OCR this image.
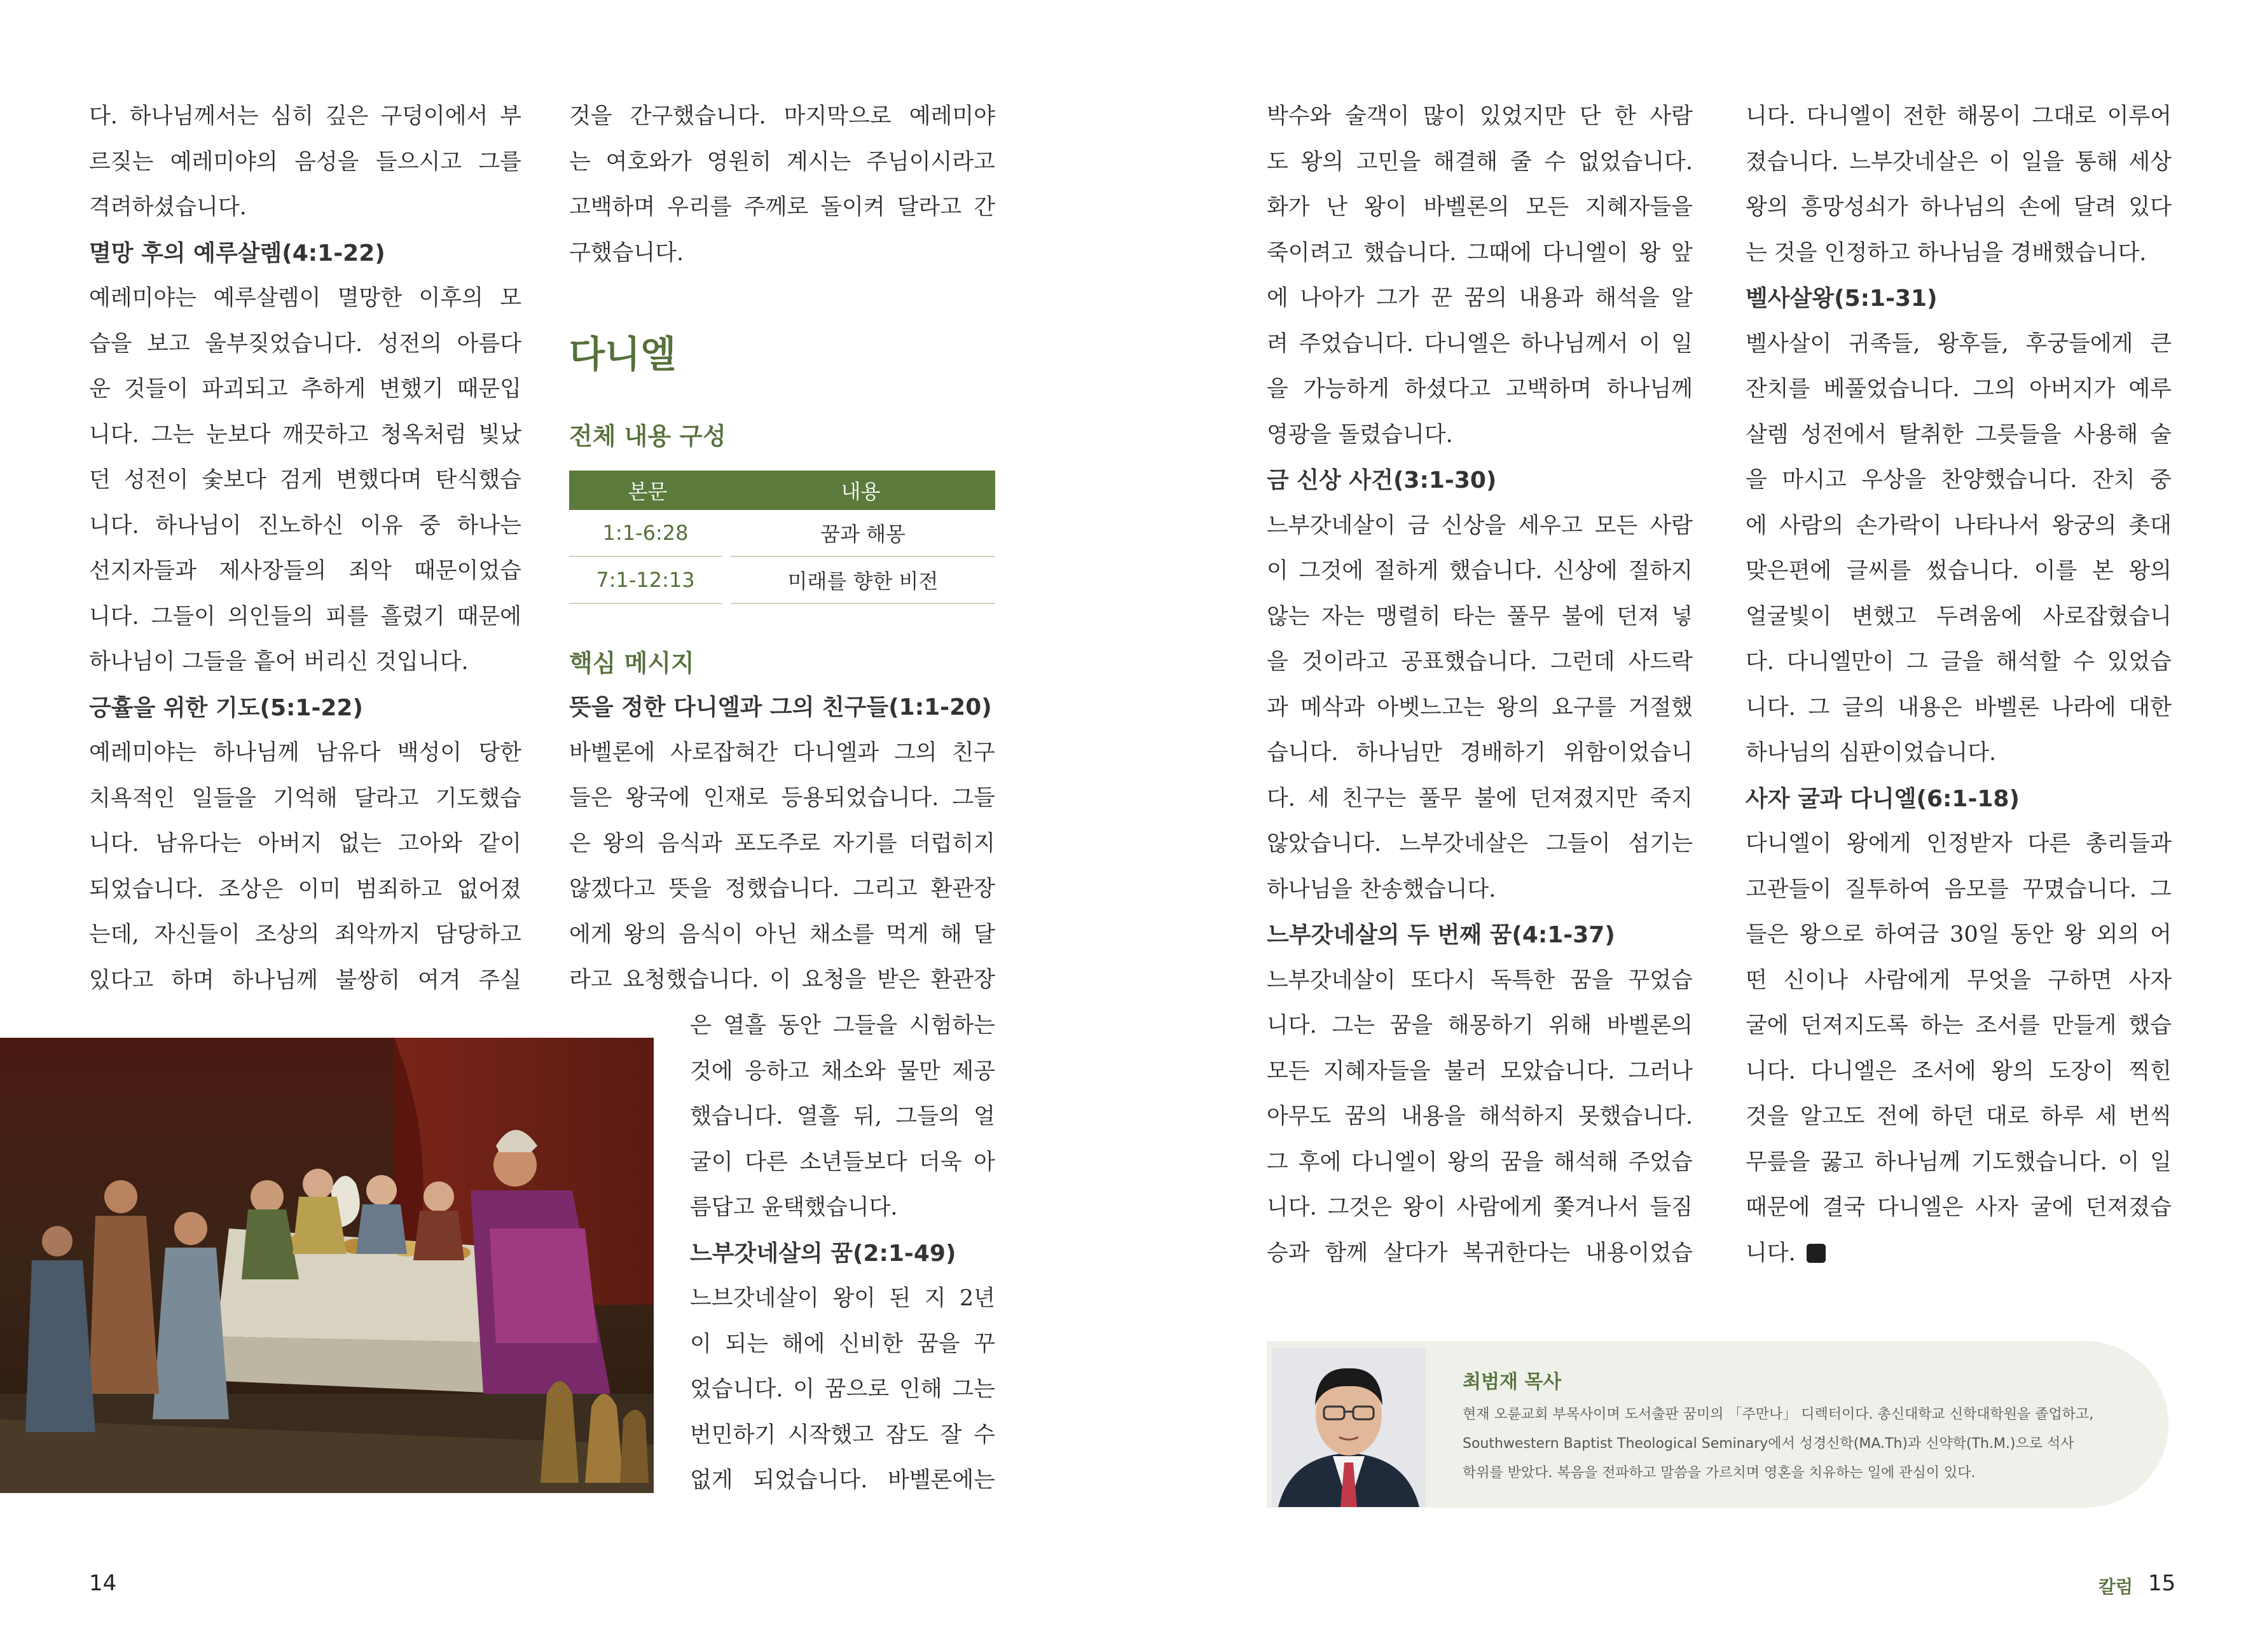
다. 하나님께서는 심히 깊은 구덩이에서 부

르짖는 예레미야의 음성을 들으시고 그를

격려하셨습니다.

멸망 후의 예루살렘(4:1-22)

예레미야는 예루살렘이 멸망한 이후의 모

습을 보고 울부짖었습니다. 성전의 아름다

운 것들이 파괴되고 추하게 변했기 때문입

니다. 그는 눈보다 깨끗하고 청옥처럼 빛났

던 성전이 숯보다 검게 변했다며 탄식했습

니다. 하나님이 진노하신 이유 중 하나는

선지자들과 제사장들의 죄악 때문이었습

니다. 그들이 의인들의 피를 흘렸기 때문에

하나님이 그들을 흩어 버리신 것입니다.

긍휼을 위한 기도(5:1-22)

예레미야는 하나님께 남유다 백성이 당한

치욕적인 일들을 기억해 달라고 기도했습

니다. 남유다는 아버지 없는 고아와 같이

되었습니다. 조상은 이미 범죄하고 없어졌

는데, 자신들이 조상의 죄악까지 담당하고

있다고 하며 하나님께 불쌍히 여겨 주실

것을 간구했습니다. 마지막으로 예레미야

는 여호와가 영원히 계시는 주님이시라고

고백하며 우리를 주께로 돌이켜 달라고 간

구했습니다.

다니엘
전체 내용 구성
본문	내용
1:1-6:28	꿈과 해몽
7:1-12:13	미래를 향한 비전
핵심 메시지
뜻을 정한 다니엘과 그의 친구들(1:1-20)

바벨론에 사로잡혀간 다니엘과 그의 친구

들은 왕국에 인재로 등용되었습니다. 그들

은 왕의 음식과 포도주로 자기를 더럽히지

않겠다고 뜻을 정했습니다. 그리고 환관장

에게 왕의 음식이 아닌 채소를 먹게 해 달

라고 요청했습니다. 이 요청을 받은 환관장

은 열흘 동안 그들을 시험하는

것에 응하고 채소와 물만 제공

했습니다. 열흘 뒤, 그들의 얼

굴이 다른 소년들보다 더욱 아

름답고 윤택했습니다.

느부갓네살의 꿈(2:1-49)

느브갓네살이 왕이 된 지 2년

이 되는 해에 신비한 꿈을 꾸

었습니다. 이 꿈으로 인해 그는

번민하기 시작했고 잠도 잘 수

없게 되었습니다. 바벨론에는

14

박수와 술객이 많이 있었지만 단 한 사람

도 왕의 고민을 해결해 줄 수 없었습니다.

화가 난 왕이 바벨론의 모든 지혜자들을

죽이려고 했습니다. 그때에 다니엘이 왕 앞

에 나아가 그가 꾼 꿈의 내용과 해석을 알

려 주었습니다. 다니엘은 하나님께서 이 일

을 가능하게 하셨다고 고백하며 하나님께

영광을 돌렸습니다.

금 신상 사건(3:1-30)

느부갓네살이 금 신상을 세우고 모든 사람

이 그것에 절하게 했습니다. 신상에 절하지

않는 자는 맹렬히 타는 풀무 불에 던져 넣

을 것이라고 공표했습니다. 그런데 사드락

과 메삭과 아벳느고는 왕의 요구를 거절했

습니다. 하나님만 경배하기 위함이었습니

다. 세 친구는 풀무 불에 던져졌지만 죽지

않았습니다. 느부갓네살은 그들이 섬기는

하나님을 찬송했습니다.

느부갓네살의 두 번째 꿈(4:1-37)

느부갓네살이 또다시 독특한 꿈을 꾸었습

니다. 그는 꿈을 해몽하기 위해 바벨론의

모든 지혜자들을 불러 모았습니다. 그러나

아무도 꿈의 내용을 해석하지 못했습니다.

그 후에 다니엘이 왕의 꿈을 해석해 주었습

니다. 그것은 왕이 사람에게 쫓겨나서 들짐

승과 함께 살다가 복귀한다는 내용이었습

니다. 다니엘이 전한 해몽이 그대로 이루어

졌습니다. 느부갓네살은 이 일을 통해 세상

왕의 흥망성쇠가 하나님의 손에 달려 있다

는 것을 인정하고 하나님을 경배했습니다.

벨사살왕(5:1-31)

벨사살이 귀족들, 왕후들, 후궁들에게 큰

잔치를 베풀었습니다. 그의 아버지가 예루

살렘 성전에서 탈취한 그릇들을 사용해 술

을 마시고 우상을 찬양했습니다. 잔치 중

에 사람의 손가락이 나타나서 왕궁의 촛대

맞은편에 글씨를 썼습니다. 이를 본 왕의

얼굴빛이 변했고 두려움에 사로잡혔습니

다. 다니엘만이 그 글을 해석할 수 있었습

니다. 그 글의 내용은 바벨론 나라에 대한

하나님의 심판이었습니다.

사자 굴과 다니엘(6:1-18)

다니엘이 왕에게 인정받자 다른 총리들과

고관들이 질투하여 음모를 꾸몄습니다. 그

들은 왕으로 하여금 30일 동안 왕 외의 어

떤 신이나 사람에게 무엇을 구하면 사자

굴에 던져지도록 하는 조서를 만들게 했습

니다. 다니엘은 조서에 왕의 도장이 찍힌

것을 알고도 전에 하던 대로 하루 세 번씩

무릎을 꿇고 하나님께 기도했습니다. 이 일

때문에 결국 다니엘은 사자 굴에 던져졌습

니다.

최범재 목사
현재 오륜교회 부목사이며 도서출판 꿈미의 「주만나」 디렉터이다. 총신대학교 신학대학원을 졸업하고,
Southwestern Baptist Theological Seminary에서 성경신학(MA.Th)과 신약학(Th.M.)으로 석사
학위를 받았다. 복음을 전파하고 말씀을 가르치며 영혼을 치유하는 일에 관심이 있다.
칼럼 15
